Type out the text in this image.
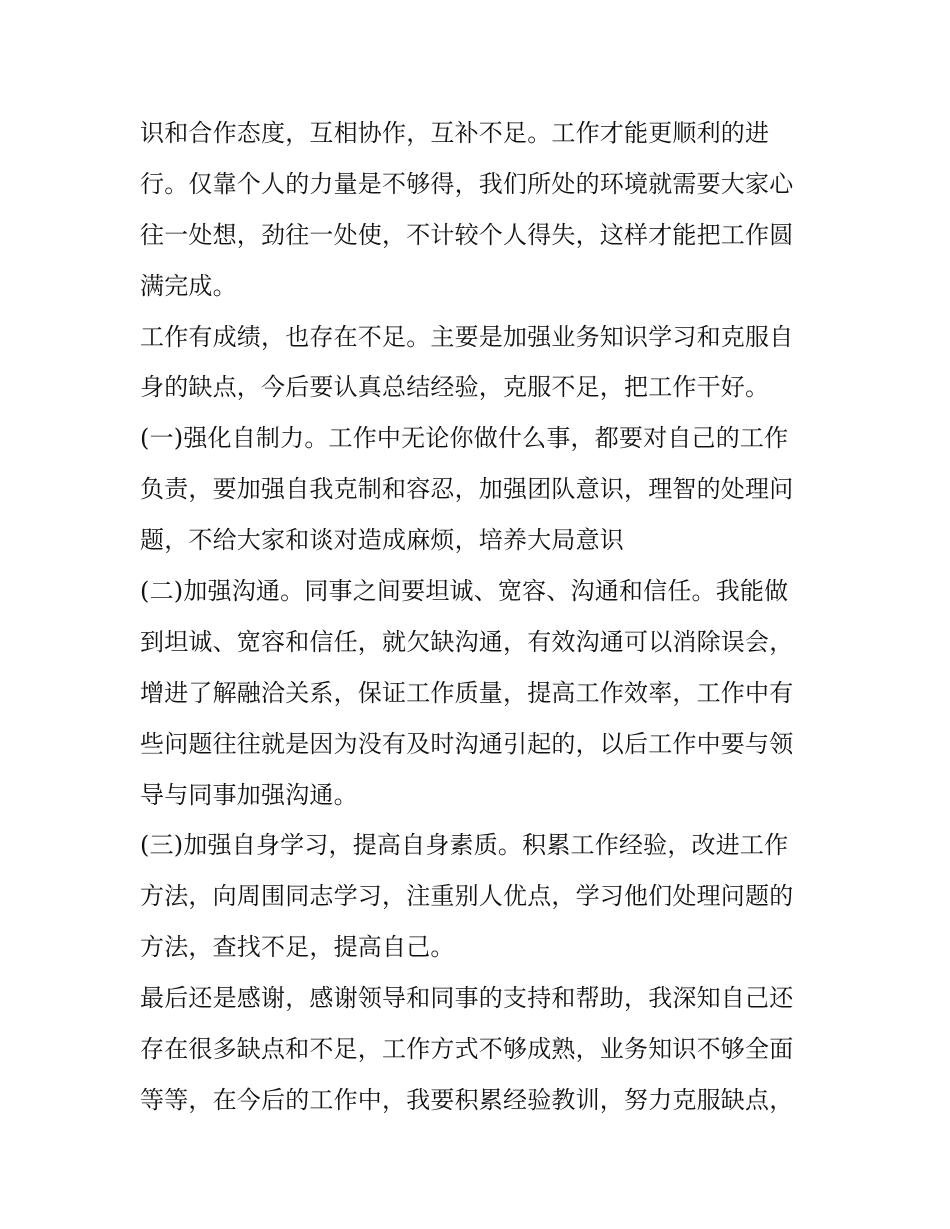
识和合作态度，互相协作，互补不足。工作才能更顺利的进
行。仅靠个人的力量是不够得，我们所处的环境就需要大家心
往一处想，劲往一处使，不计较个人得失，这样才能把工作圆
满完成。
工作有成绩，也存在不足。主要是加强业务知识学习和克服自
身的缺点，今后要认真总结经验，克服不足，把工作干好。
(一)强化自制力。工作中无论你做什么事，都要对自己的工作
负责，要加强自我克制和容忍，加强团队意识，理智的处理问
题，不给大家和谈对造成麻烦，培养大局意识
(二)加强沟通。同事之间要坦诚、宽容、沟通和信任。我能做
到坦诚、宽容和信任，就欠缺沟通，有效沟通可以消除误会，
增进了解融洽关系，保证工作质量，提高工作效率，工作中有
些问题往往就是因为没有及时沟通引起的，以后工作中要与领
导与同事加强沟通。
(三)加强自身学习，提高自身素质。积累工作经验，改进工作
方法，向周围同志学习，注重别人优点，学习他们处理问题的
方法，查找不足，提高自己。
最后还是感谢，感谢领导和同事的支持和帮助，我深知自己还
存在很多缺点和不足，工作方式不够成熟，业务知识不够全面
等等，在今后的工作中，我要积累经验教训，努力克服缺点，
